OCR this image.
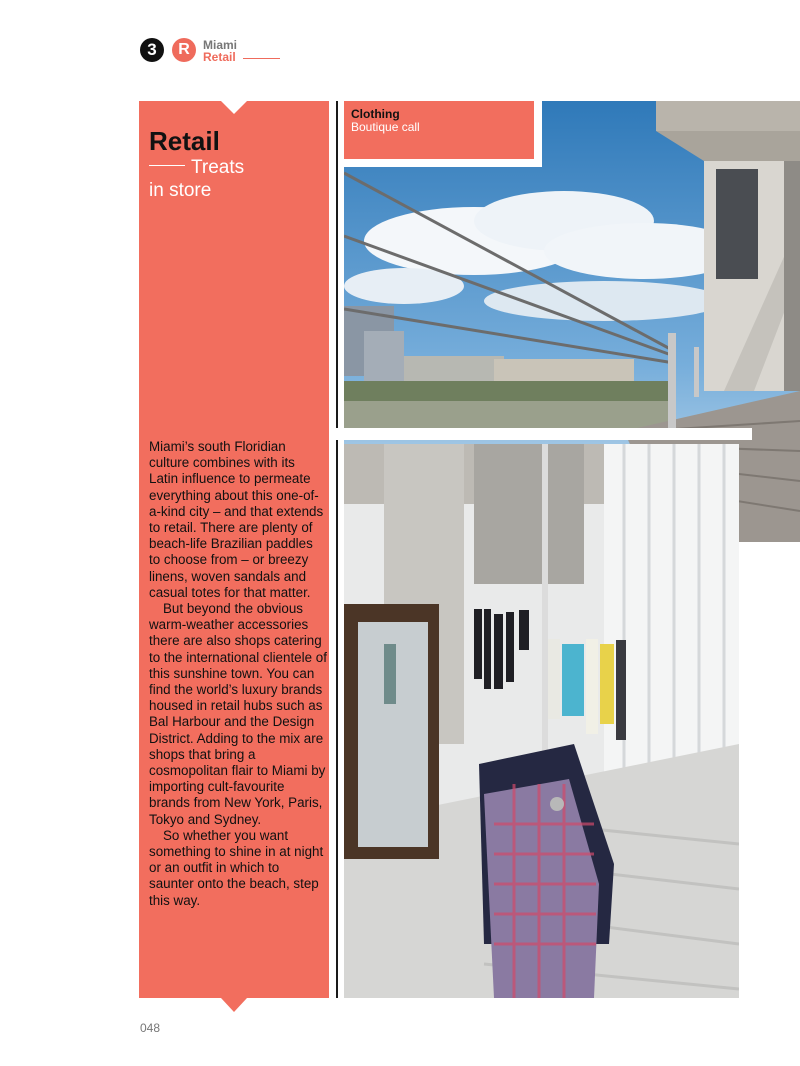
3	R	Miami
Retail
Retail
Treats
in store

Miami’s south Floridian culture combines with its Latin influence to permeate everything about this one-of-a-kind city – and that extends to retail. There are plenty of beach-life Brazilian paddles to choose from – or breezy linens, woven sandals and casual totes for that matter.

But beyond the obvious warm-weather accessories there are also shops catering to the international clientele of this sunshine town. You can find the world’s luxury brands housed in retail hubs such as Bal Harbour and the Design District. Adding to the mix are shops that bring a cosmopolitan flair to Miami by importing cult-favourite brands from New York, Paris, Tokyo and Sydney.

So whether you want something to shine in at night or an outfit in which to saunter onto the beach, step this way.

Clothing
Boutique call
048
